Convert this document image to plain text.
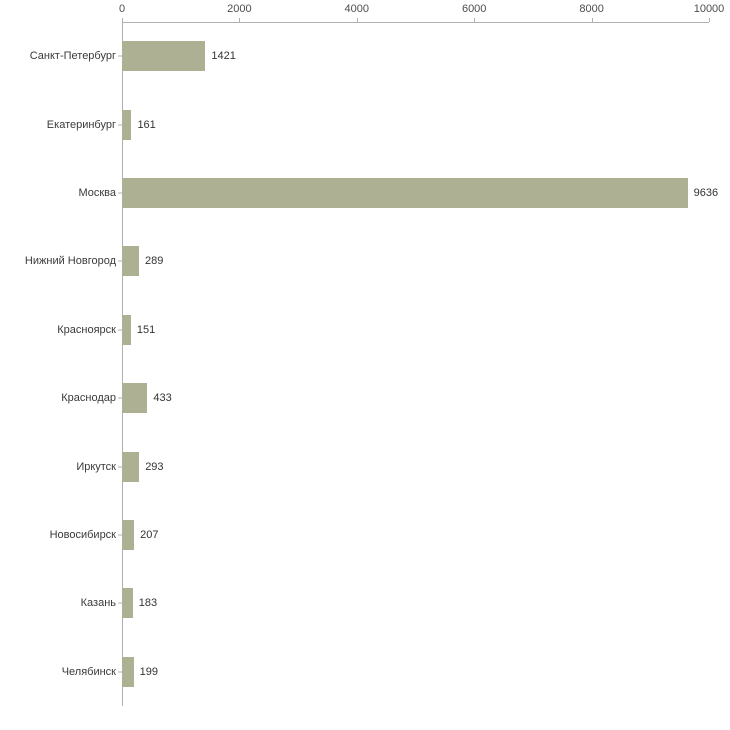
0	2000	4000	6000	8000	10000
Санкт-Петербург
Екатеринбург
Москва
Нижний Новгород
Красноярск
Краснодар
Иркутск
Новосибирск
Казань
Челябинск
1421
161
9636
289
151
433
293
207
183
199
